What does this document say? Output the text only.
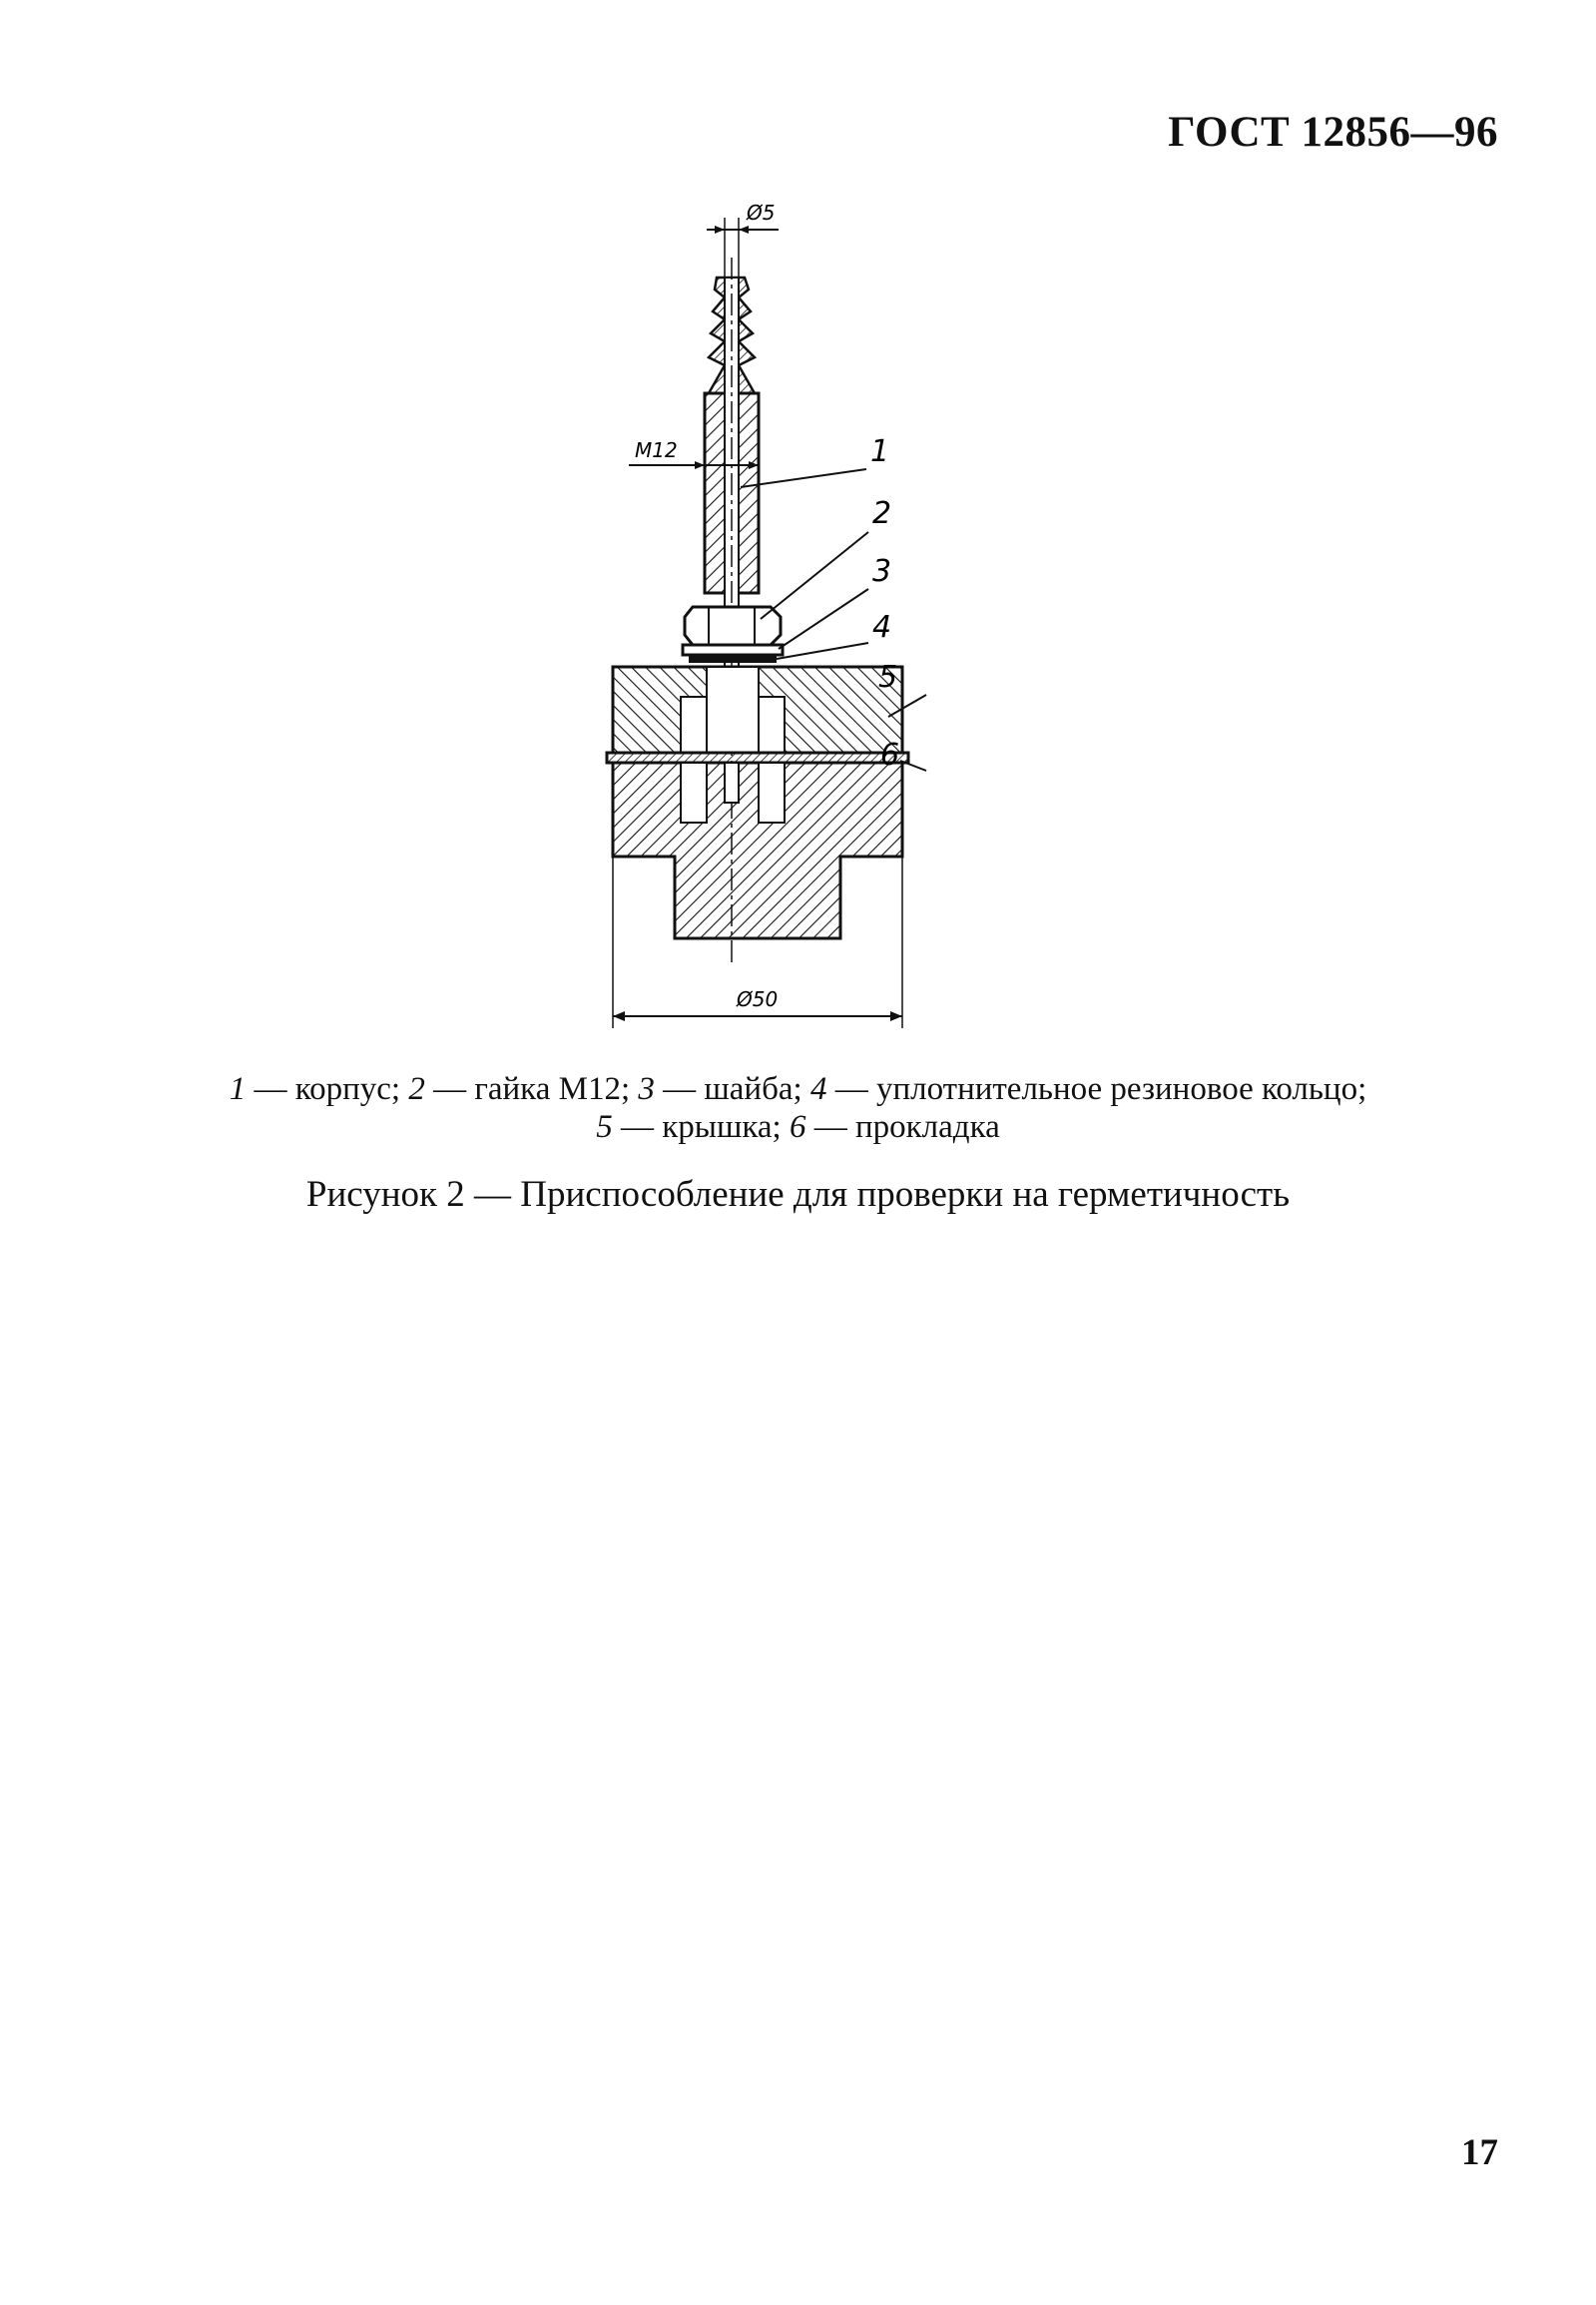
ГОСТ 12856—96
Ø5
M12
Ø50
1
2
3
4
5
6
1 — корпус; 2 — гайка М12; 3 — шайба; 4 — уплотнительное резиновое кольцо;
5 — крышка; 6 — прокладка
Рисунок 2 — Приспособление для проверки на герметичность
17
